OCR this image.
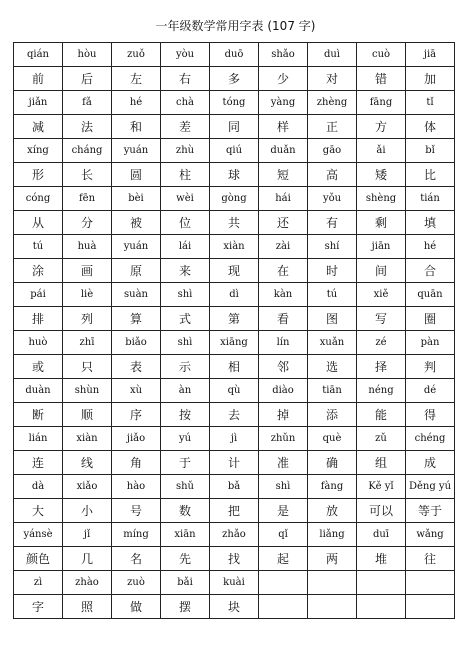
一年级数学常用字表 (107 字)
qián	hòu	zuǒ	yòu	duō	shǎo	duì	cuò	jiā
前	后	左	右	多	少	对	错	加
jiǎn	fǎ	hé	chà	tóng	yàng	zhèng	fāng	tǐ
减	法	和	差	同	样	正	方	体
xíng	cháng	yuán	zhù	qiú	duǎn	gāo	ǎi	bǐ
形	长	圆	柱	球	短	高	矮	比
cóng	fēn	bèi	wèi	gòng	hái	yǒu	shèng	tián
从	分	被	位	共	还	有	剩	填
tú	huà	yuán	lái	xiàn	zài	shí	jiān	hé
涂	画	原	来	现	在	时	间	合
pái	liè	suàn	shì	dì	kàn	tú	xiě	quān
排	列	算	式	第	看	图	写	圈
huò	zhī	biǎo	shì	xiāng	lín	xuǎn	zé	pàn
或	只	表	示	相	邻	选	择	判
duàn	shùn	xù	àn	qù	diào	tiān	néng	dé
断	顺	序	按	去	掉	添	能	得
lián	xiàn	jiǎo	yú	jì	zhǔn	què	zǔ	chéng
连	线	角	于	计	准	确	组	成
dà	xiǎo	hào	shǔ	bǎ	shì	fàng	Kě yǐ	Děng yú
大	小	号	数	把	是	放	可以	等于
yánsè	jǐ	míng	xiān	zhǎo	qǐ	liǎng	duī	wǎng
颜色	几	名	先	找	起	两	堆	往
zì	zhào	zuò	bǎi	kuài				
字	照	做	摆	块				
